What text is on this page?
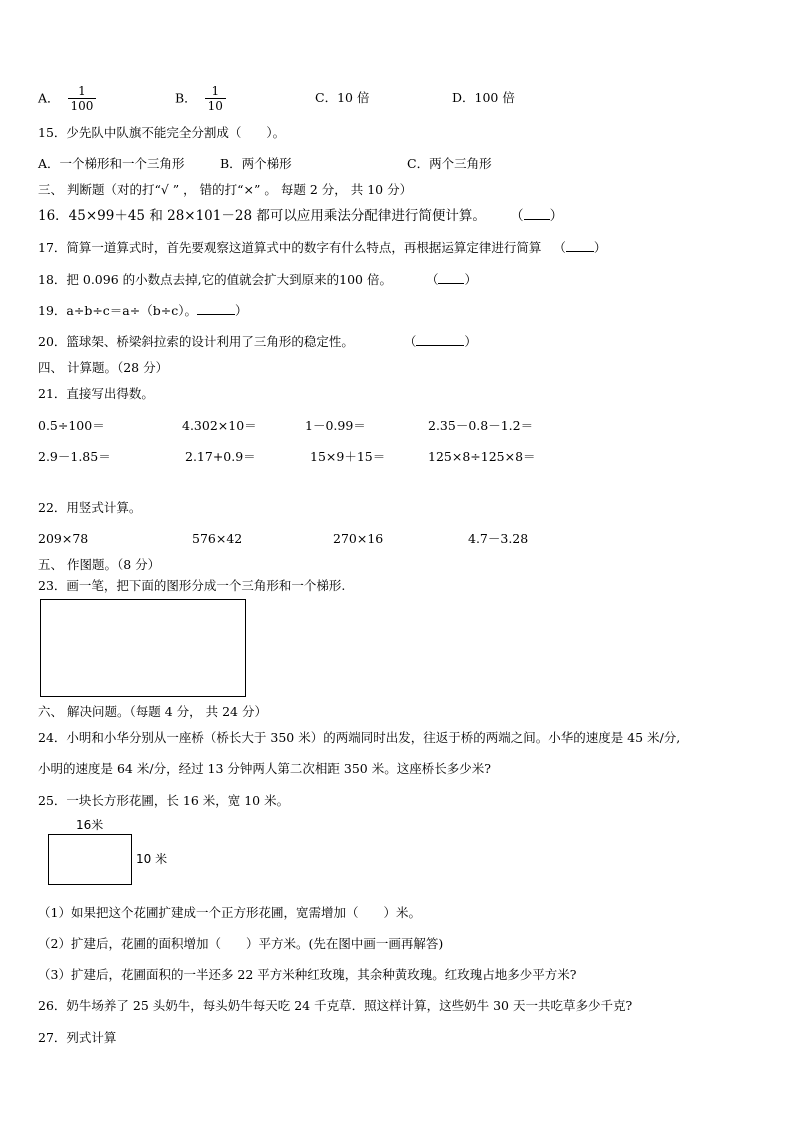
A． $\frac{1}{100}$	B． $\frac{1}{10}$	C．10 倍	D．100 倍
15．少先队中队旗不能完全分割成（　　）。
A．一个梯形和一个三角形	B．两个梯形	C．两个三角形
三、 判断题（对的打“√ ” ， 错的打“×” 。 每题 2 分， 共 10 分）
16．45×99＋45 和 28×101－28 都可以应用乘法分配律进行简便计算。 （ ）
17．简算一道算式时，首先要观察这道算式中的数字有什么特点，再根据运算定律进行简算 （ ）
18．把 0.096 的小数点去掉,它的值就会扩大到原来的100 倍。	（ ）
19．a÷b÷c＝a÷（b÷c）。	）
20．篮球架、桥梁斜拉索的设计利用了三角形的稳定性。	（	）
四、 计算题。（28 分）
21．直接写出得数。
0.5÷100＝	4.302×10＝	1－0.99＝	2.35－0.8－1.2＝
2.9－1.85＝	2.17+0.9＝	15×9＋15＝	125×8÷125×8＝
22．用竖式计算。
209×78	576×42	270×16	4.7－3.28
五、 作图题。（8 分）
23．画一笔，把下面的图形分成一个三角形和一个梯形.
六、 解决问题。（每题 4 分， 共 24 分）
24．小明和小华分别从一座桥（桥长大于 350 米）的两端同时出发，往返于桥的两端之间。小华的速度是 45 米/分,
小明的速度是 64 米/分，经过 13 分钟两人第二次相距 350 米。这座桥长多少米?
25．一块长方形花圃，长 16 米，宽 10 米。
16米
10 米
（1）如果把这个花圃扩建成一个正方形花圃，宽需增加（　　）米。
（2）扩建后，花圃的面积增加（　　）平方米。(先在图中画一画再解答)
（3）扩建后，花圃面积的一半还多 22 平方米种红玫瑰，其余种黄玫瑰。红玫瑰占地多少平方米?
26．奶牛场养了 25 头奶牛，每头奶牛每天吃 24 千克草．照这样计算，这些奶牛 30 天一共吃草多少千克?
27．列式计算
